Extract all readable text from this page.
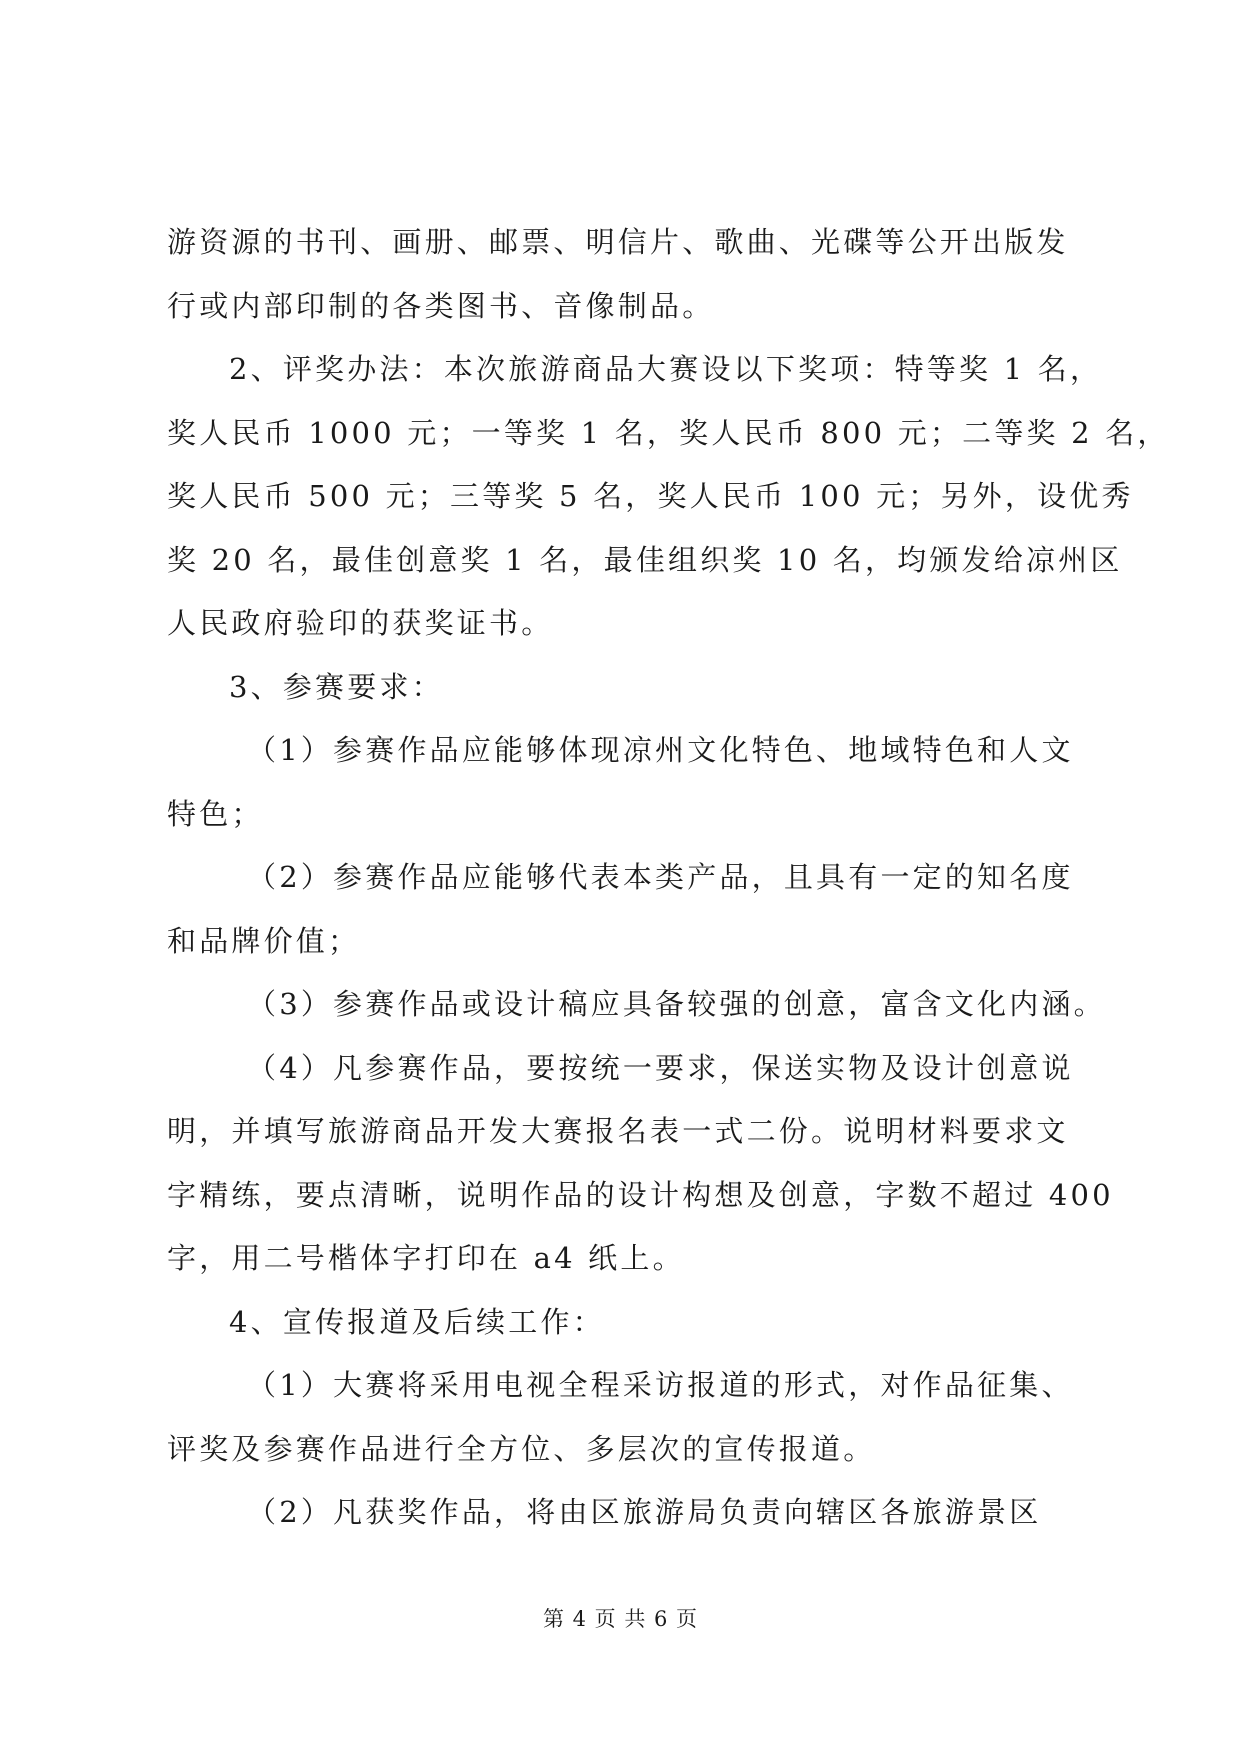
游资源的书刊、画册、邮票、明信片、歌曲、光碟等公开出版发
行或内部印制的各类图书、音像制品。
2、评奖办法：本次旅游商品大赛设以下奖项：特等奖 1 名，
奖人民币 1000 元；一等奖 1 名，奖人民币 800 元；二等奖 2 名，
奖人民币 500 元；三等奖 5 名，奖人民币 100 元；另外，设优秀
奖 20 名，最佳创意奖 1 名，最佳组织奖 10 名，均颁发给凉州区
人民政府验印的获奖证书。
3、参赛要求：
（1）参赛作品应能够体现凉州文化特色、地域特色和人文
特色；
（2）参赛作品应能够代表本类产品，且具有一定的知名度
和品牌价值；
（3）参赛作品或设计稿应具备较强的创意，富含文化内涵。
（4）凡参赛作品，要按统一要求，保送实物及设计创意说
明，并填写旅游商品开发大赛报名表一式二份。说明材料要求文
字精练，要点清晰，说明作品的设计构想及创意，字数不超过 400
字，用二号楷体字打印在 a4 纸上。
4、宣传报道及后续工作：
（1）大赛将采用电视全程采访报道的形式，对作品征集、
评奖及参赛作品进行全方位、多层次的宣传报道。
（2）凡获奖作品，将由区旅游局负责向辖区各旅游景区
第 4 页 共 6 页
